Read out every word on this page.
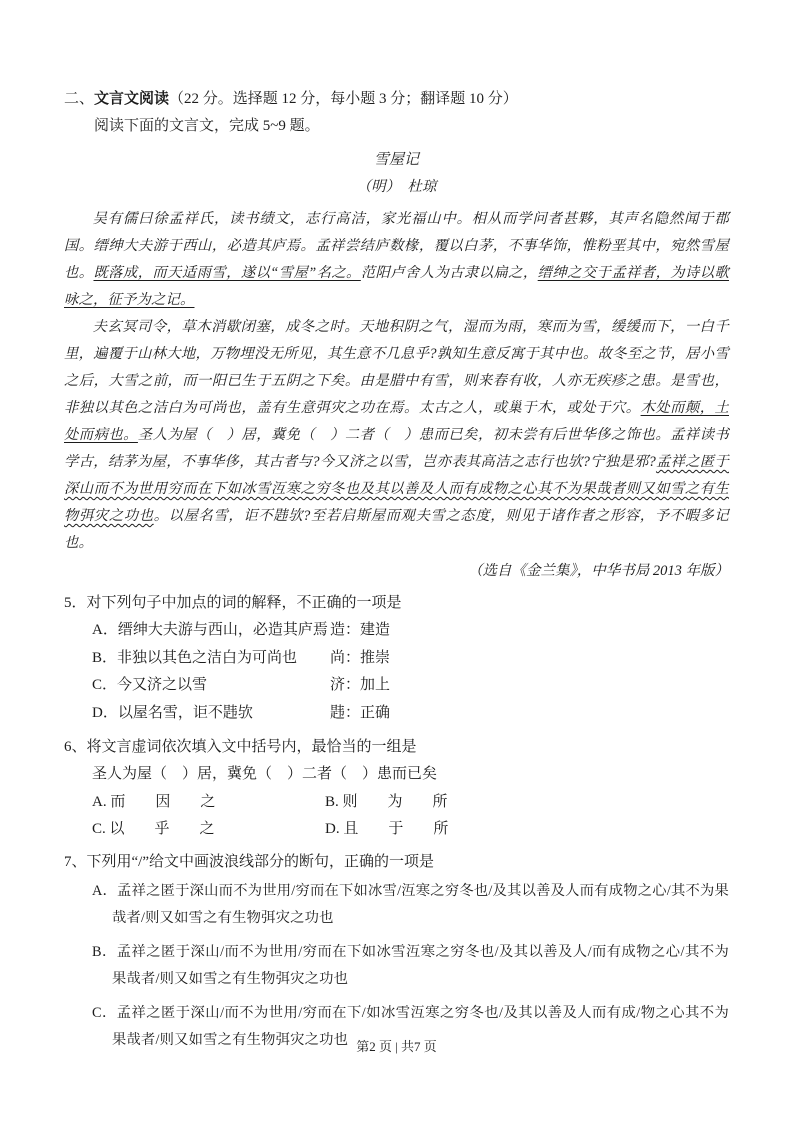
二、文言文阅读（22 分。选择题 12 分，每小题 3 分；翻译题 10 分）
阅读下面的文言文，完成 5~9 题。
雪屋记
（明）　杜琼

吴有儒曰徐孟祥氏，读书绩文，志行高洁，家光福山中。相从而学问者甚夥，其声名隐然闻于郡国。缙绅大夫游于西山，必造其庐焉。孟祥尝结庐数椽，覆以白茅，不事华饰，惟粉垩其中，宛然雪屋也。既落成，而天适雨雪，遂以“雪屋”名之。范阳卢舍人为古隶以扁之，缙绅之交于孟祥者，为诗以歌咏之，征予为之记。

夫玄冥司令，草木消歇闭塞，成冬之时。天地积阴之气，湿而为雨，寒而为雪，缓缓而下，一白千里，遍覆于山林大地，万物埋没无所见，其生意不几息乎?孰知生意反寓于其中也。故冬至之节，居小雪之后，大雪之前，而一阳已生于五阴之下矣。由是腊中有雪，则来春有收，人亦无疾疹之患。是雪也，非独以其色之洁白为可尚也，盖有生意弭灾之功在焉。太古之人，或巢于木，或处于穴。木处而颠，土处而病也。圣人为屋（　）居，冀免（　）二者（　）患而已矣，初未尝有后世华侈之饰也。孟祥读书学古，结茅为屋，不事华侈，其古者与?今又济之以雪，岂亦表其高洁之志行也欤?宁独是邪?孟祥之匿于深山而不为世用穷而在下如冰雪沍寒之穷冬也及其以善及人而有成物之心其不为果哉者则又如雪之有生物弭灾之功也。以屋名雪，讵不韪欤?至若启斯屋而观夫雪之态度，则见于诸作者之形容，予不暇多记也。

（选自《金兰集》，中华书局 2013 年版）
5．对下列句子中加点的词的解释，不正确的一项是
A．缙绅大夫游与西山，必造其庐焉 造：建造
B．非独以其色之洁白为可尚也	尚：推崇
C．今又济之以雪	济：加上
D．以屋名雪，讵不韪欤	韪：正确
6、将文言虚词依次填入文中括号内，最恰当的一组是
圣人为屋（　）居，冀免（　）二者（　）患而已矣
A. 而　　因　　之	B. 则　　为　　所
C. 以　　乎　　之	D. 且　　于　　所
7、下列用“/”给文中画波浪线部分的断句，正确的一项是
A．孟祥之匿于深山而不为世用/穷而在下如冰雪/沍寒之穷冬也/及其以善及人而有成物之心/其不为果哉者/则又如雪之有生物弭灾之功也
B．孟祥之匿于深山/而不为世用/穷而在下如冰雪沍寒之穷冬也/及其以善及人/而有成物之心/其不为果哉者/则又如雪之有生物弭灾之功也
C．孟祥之匿于深山/而不为世用/穷而在下/如冰雪沍寒之穷冬也/及其以善及人而有成/物之心其不为果哉者/则又如雪之有生物弭灾之功也 第2 页 | 共7 页
